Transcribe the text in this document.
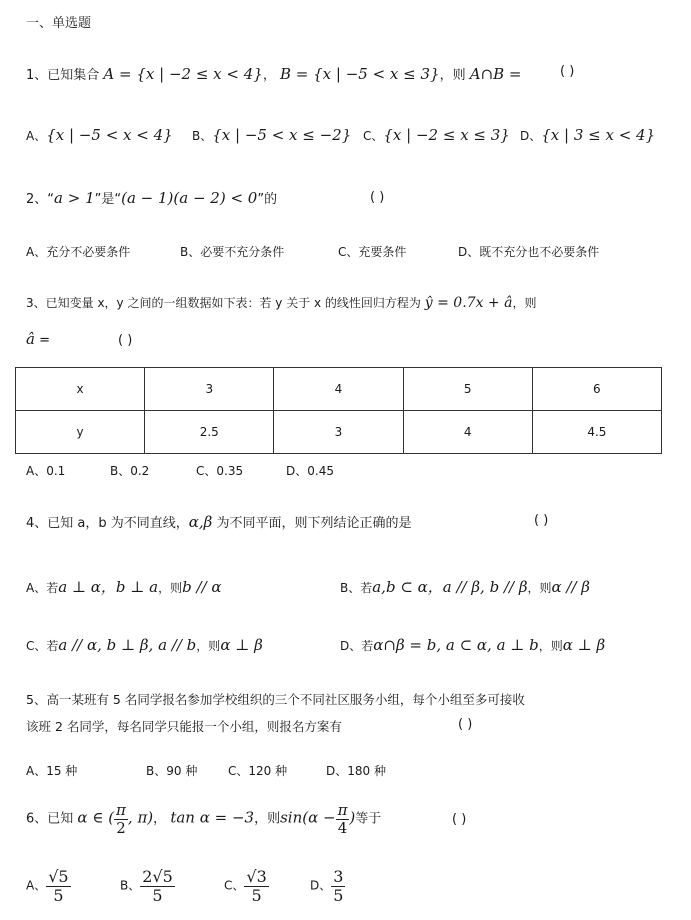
一、单选题
1、已知集合 A = {x | −2 ≤ x < 4}， B = {x | −5 < x ≤ 3}，则 A∩B =	( )
A、{x | −5 < x < 4} B、{x | −5 < x ≤ −2} C、{x | −2 ≤ x ≤ 3} D、{x | 3 ≤ x < 4}
2、“a > 1”是“(a − 1)(a − 2) < 0”的	( )
A、充分不必要条件	B、必要不充分条件	C、充要条件	D、既不充分也不必要条件
3、已知变量 x，y 之间的一组数据如下表：若 y 关于 x 的线性回归方程为 ŷ = 0.7x + â，则
â =	( )
x	3	4	5	6
y	2.5	3	4	4.5
A、0.1	B、0.2	C、0.35	D、0.45
4、已知 a，b 为不同直线，α,β 为不同平面，则下列结论正确的是	( )
A、若a ⊥ α，b ⊥ a，则b // α	B、若a,b ⊂ α，a // β, b // β，则α // β
C、若a // α, b ⊥ β, a // b，则α ⊥ β	D、若α∩β = b, a ⊂ α, a ⊥ b，则α ⊥ β
5、高一某班有 5 名同学报名参加学校组织的三个不同社区服务小组，每个小组至多可接收
该班 2 名同学，每名同学只能报一个小组，则报名方案有	( )
A、15 种	B、90 种	C、120 种	D、180 种
6、已知 α ∈ ( $\frac{\pi}{2}$ , π)， tan α = −3，则$\sin(\alpha - \frac{\pi}{4}$ )等于	( )
A、 $\frac{√5}{5}$	B、 $\frac{2√5}{5}$	C、 $\frac{√3}{5}$	D、 $\frac{3}{5}$
